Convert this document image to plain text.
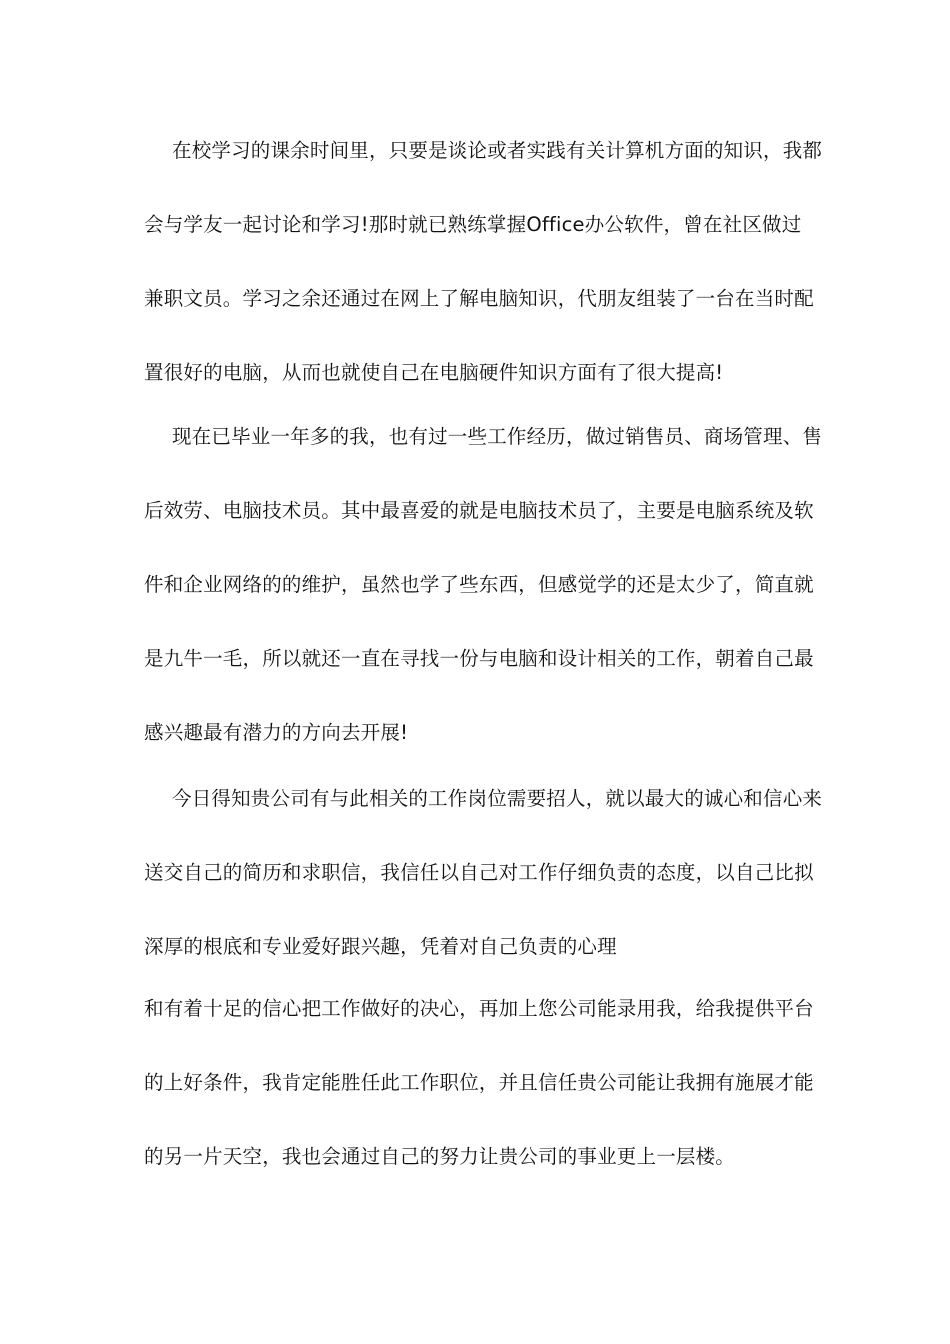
在校学习的课余时间里，只要是谈论或者实践有关计算机方面的知识，我都
会与学友一起讨论和学习!那时就已熟练掌握Office办公软件，曾在社区做过
兼职文员。学习之余还通过在网上了解电脑知识，代朋友组装了一台在当时配
置很好的电脑，从而也就使自己在电脑硬件知识方面有了很大提高!
现在已毕业一年多的我，也有过一些工作经历，做过销售员、商场管理、售
后效劳、电脑技术员。其中最喜爱的就是电脑技术员了，主要是电脑系统及软
件和企业网络的的维护，虽然也学了些东西，但感觉学的还是太少了，简直就
是九牛一毛，所以就还一直在寻找一份与电脑和设计相关的工作，朝着自己最
感兴趣最有潜力的方向去开展!
今日得知贵公司有与此相关的工作岗位需要招人，就以最大的诚心和信心来
送交自己的简历和求职信，我信任以自己对工作仔细负责的态度，以自己比拟
深厚的根底和专业爱好跟兴趣，凭着对自己负责的心理
和有着十足的信心把工作做好的决心，再加上您公司能录用我，给我提供平台
的上好条件，我肯定能胜任此工作职位，并且信任贵公司能让我拥有施展才能
的另一片天空，我也会通过自己的努力让贵公司的事业更上一层楼。
